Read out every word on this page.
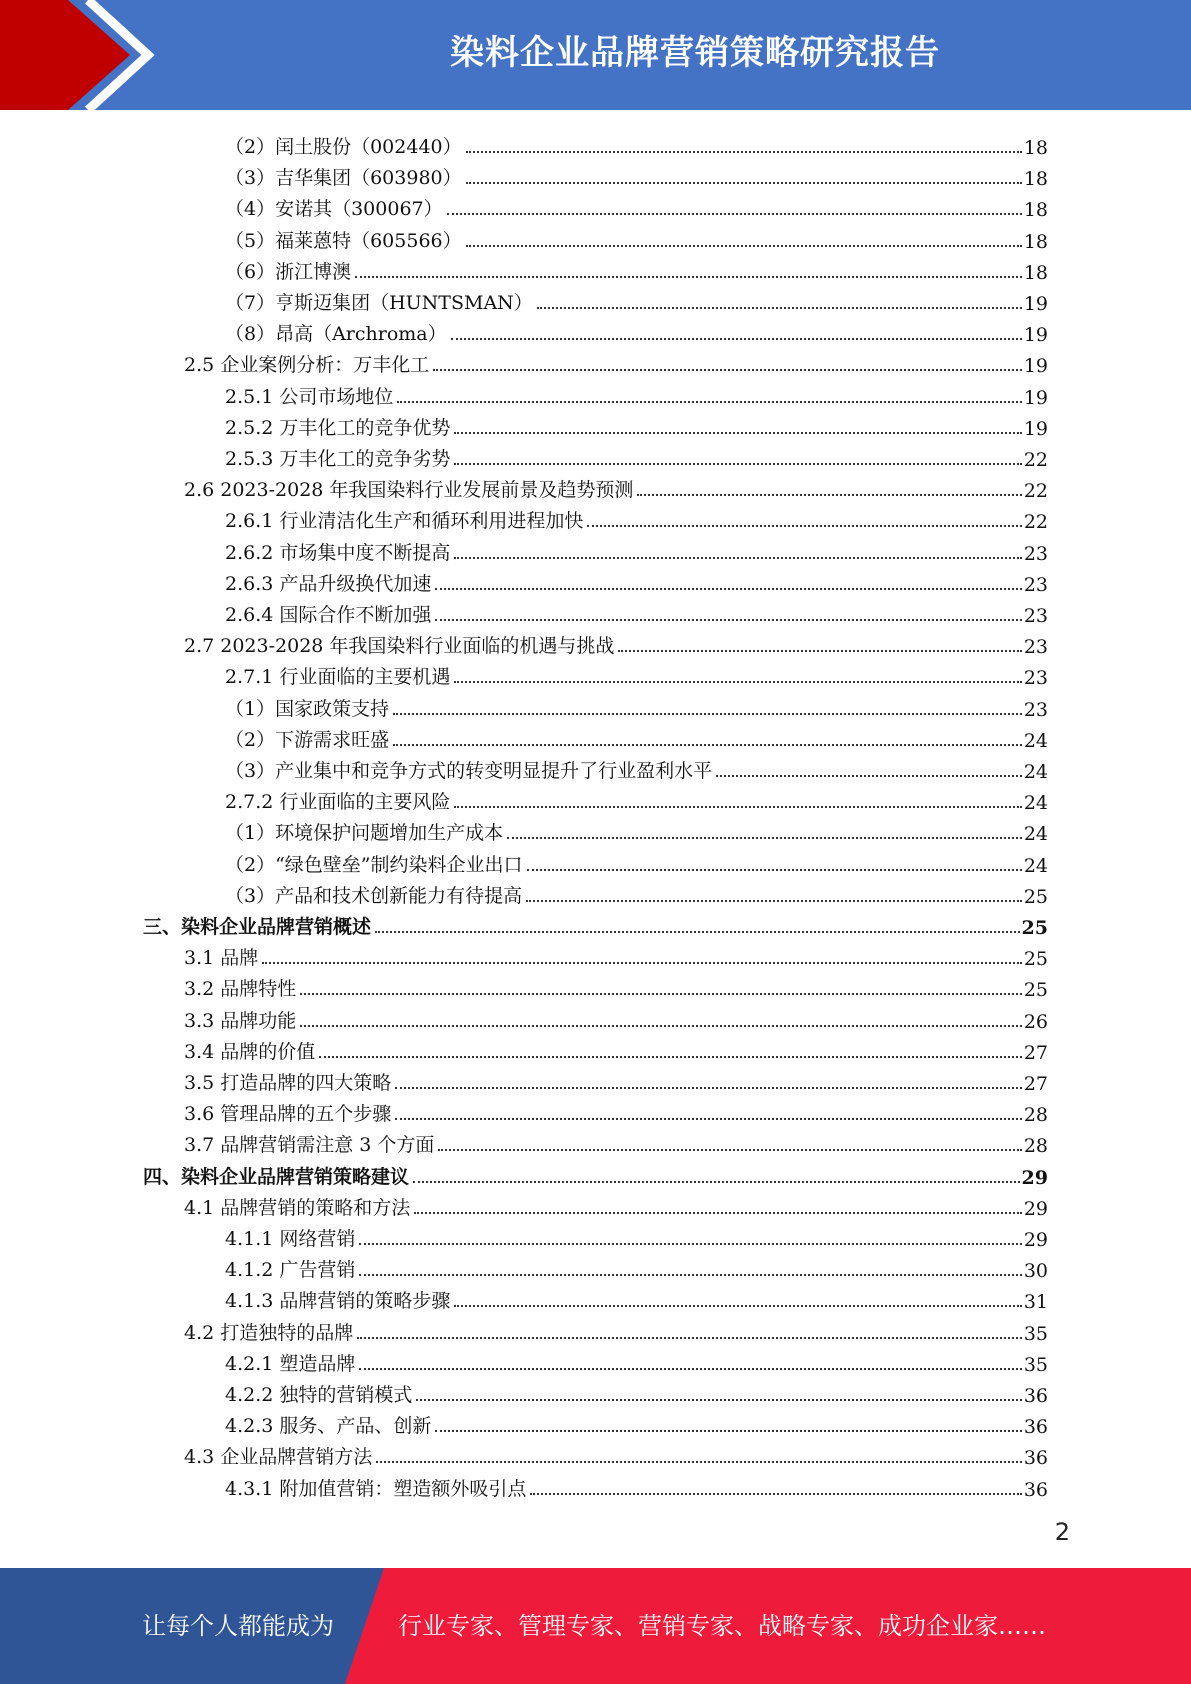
染料企业品牌营销策略研究报告
（2）闰土股份（002440）	18
（3）吉华集团（603980）	18
（4）安诺其（300067）	18
（5）福莱蒽特（605566）	18
（6）浙江博澳	18
（7）亨斯迈集团（HUNTSMAN）	19
（8）昂高（Archroma）	19
2.5 企业案例分析：万丰化工	19
2.5.1 公司市场地位	19
2.5.2 万丰化工的竞争优势	19
2.5.3 万丰化工的竞争劣势	22
2.6 2023-2028 年我国染料行业发展前景及趋势预测	22
2.6.1 行业清洁化生产和循环利用进程加快	22
2.6.2 市场集中度不断提高	23
2.6.3 产品升级换代加速	23
2.6.4 国际合作不断加强	23
2.7 2023-2028 年我国染料行业面临的机遇与挑战	23
2.7.1 行业面临的主要机遇	23
（1）国家政策支持	23
（2）下游需求旺盛	24
（3）产业集中和竞争方式的转变明显提升了行业盈利水平	24
2.7.2 行业面临的主要风险	24
（1）环境保护问题增加生产成本	24
（2）“绿色壁垒”制约染料企业出口	24
（3）产品和技术创新能力有待提高	25
三、染料企业品牌营销概述	25
3.1 品牌	25
3.2 品牌特性	25
3.3 品牌功能	26
3.4 品牌的价值	27
3.5 打造品牌的四大策略	27
3.6 管理品牌的五个步骤	28
3.7 品牌营销需注意 3 个方面	28
四、染料企业品牌营销策略建议	29
4.1 品牌营销的策略和方法	29
4.1.1 网络营销	29
4.1.2 广告营销	30
4.1.3 品牌营销的策略步骤	31
4.2 打造独特的品牌	35
4.2.1 塑造品牌	35
4.2.2 独特的营销模式	36
4.2.3 服务、产品、创新	36
4.3 企业品牌营销方法	36
4.3.1 附加值营销：塑造额外吸引点	36
2
让每个人都能成为	行业专家、管理专家、营销专家、战略专家、成功企业家……
